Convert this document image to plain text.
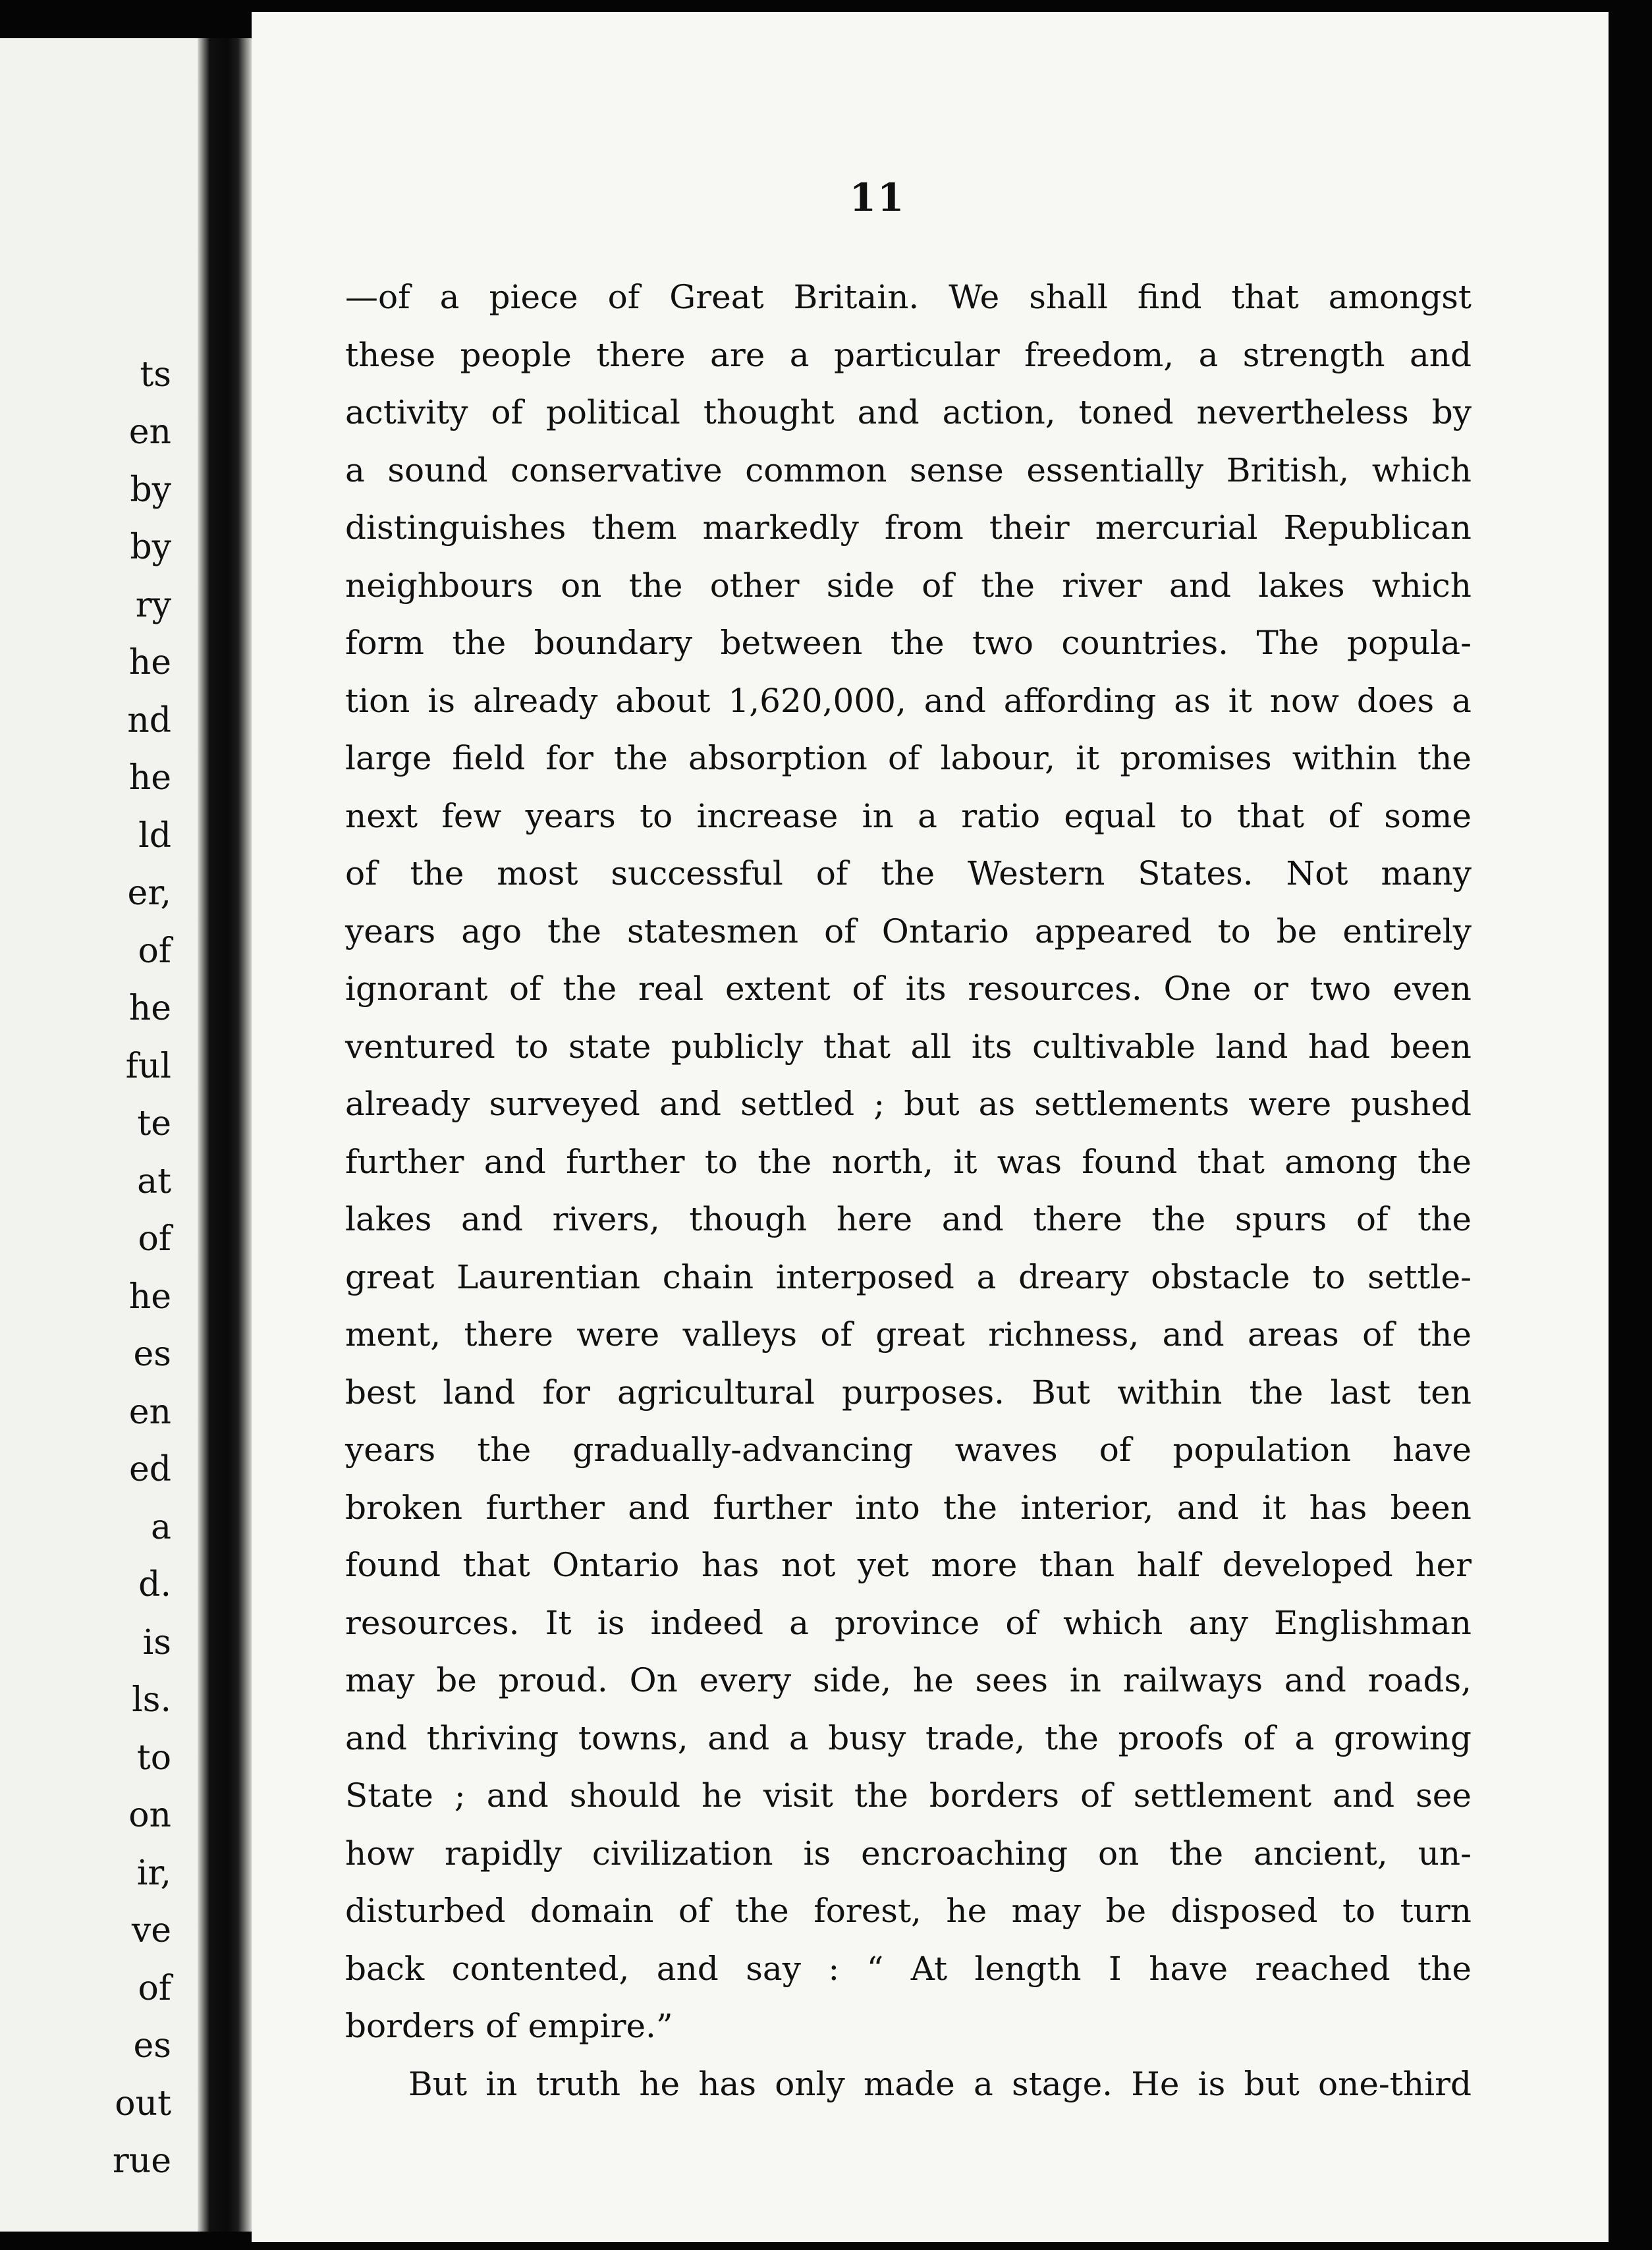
ts
en
by
by
ry
he
nd
he
ld
er,
of
he
ful
te
at
of
he
es
en
ed
a
d.
is
ls.
to
on
ir,
ve
of
es
out
rue

11
—of a piece of Great Britain. We shall find that amongst
these people there are a particular freedom, a strength and
activity of political thought and action, toned nevertheless by
a sound conservative common sense essentially British, which
distinguishes them markedly from their mercurial Republican
neighbours on the other side of the river and lakes which
form the boundary between the two countries. The popula-
tion is already about 1,620,000, and affording as it now does a
large field for the absorption of labour, it promises within the
next few years to increase in a ratio equal to that of some
of the most successful of the Western States. Not many
years ago the statesmen of Ontario appeared to be entirely
ignorant of the real extent of its resources. One or two even
ventured to state publicly that all its cultivable land had been
already surveyed and settled ; but as settlements were pushed
further and further to the north, it was found that among the
lakes and rivers, though here and there the spurs of the
great Laurentian chain interposed a dreary obstacle to settle-
ment, there were valleys of great richness, and areas of the
best land for agricultural purposes. But within the last ten
years the gradually-advancing waves of population have
broken further and further into the interior, and it has been
found that Ontario has not yet more than half developed her
resources. It is indeed a province of which any Englishman
may be proud. On every side, he sees in railways and roads,
and thriving towns, and a busy trade, the proofs of a growing
State ; and should he visit the borders of settlement and see
how rapidly civilization is encroaching on the ancient, un-
disturbed domain of the forest, he may be disposed to turn
back contented, and say : “ At length I have reached the
borders of empire.”
But in truth he has only made a stage. He is but one-third
